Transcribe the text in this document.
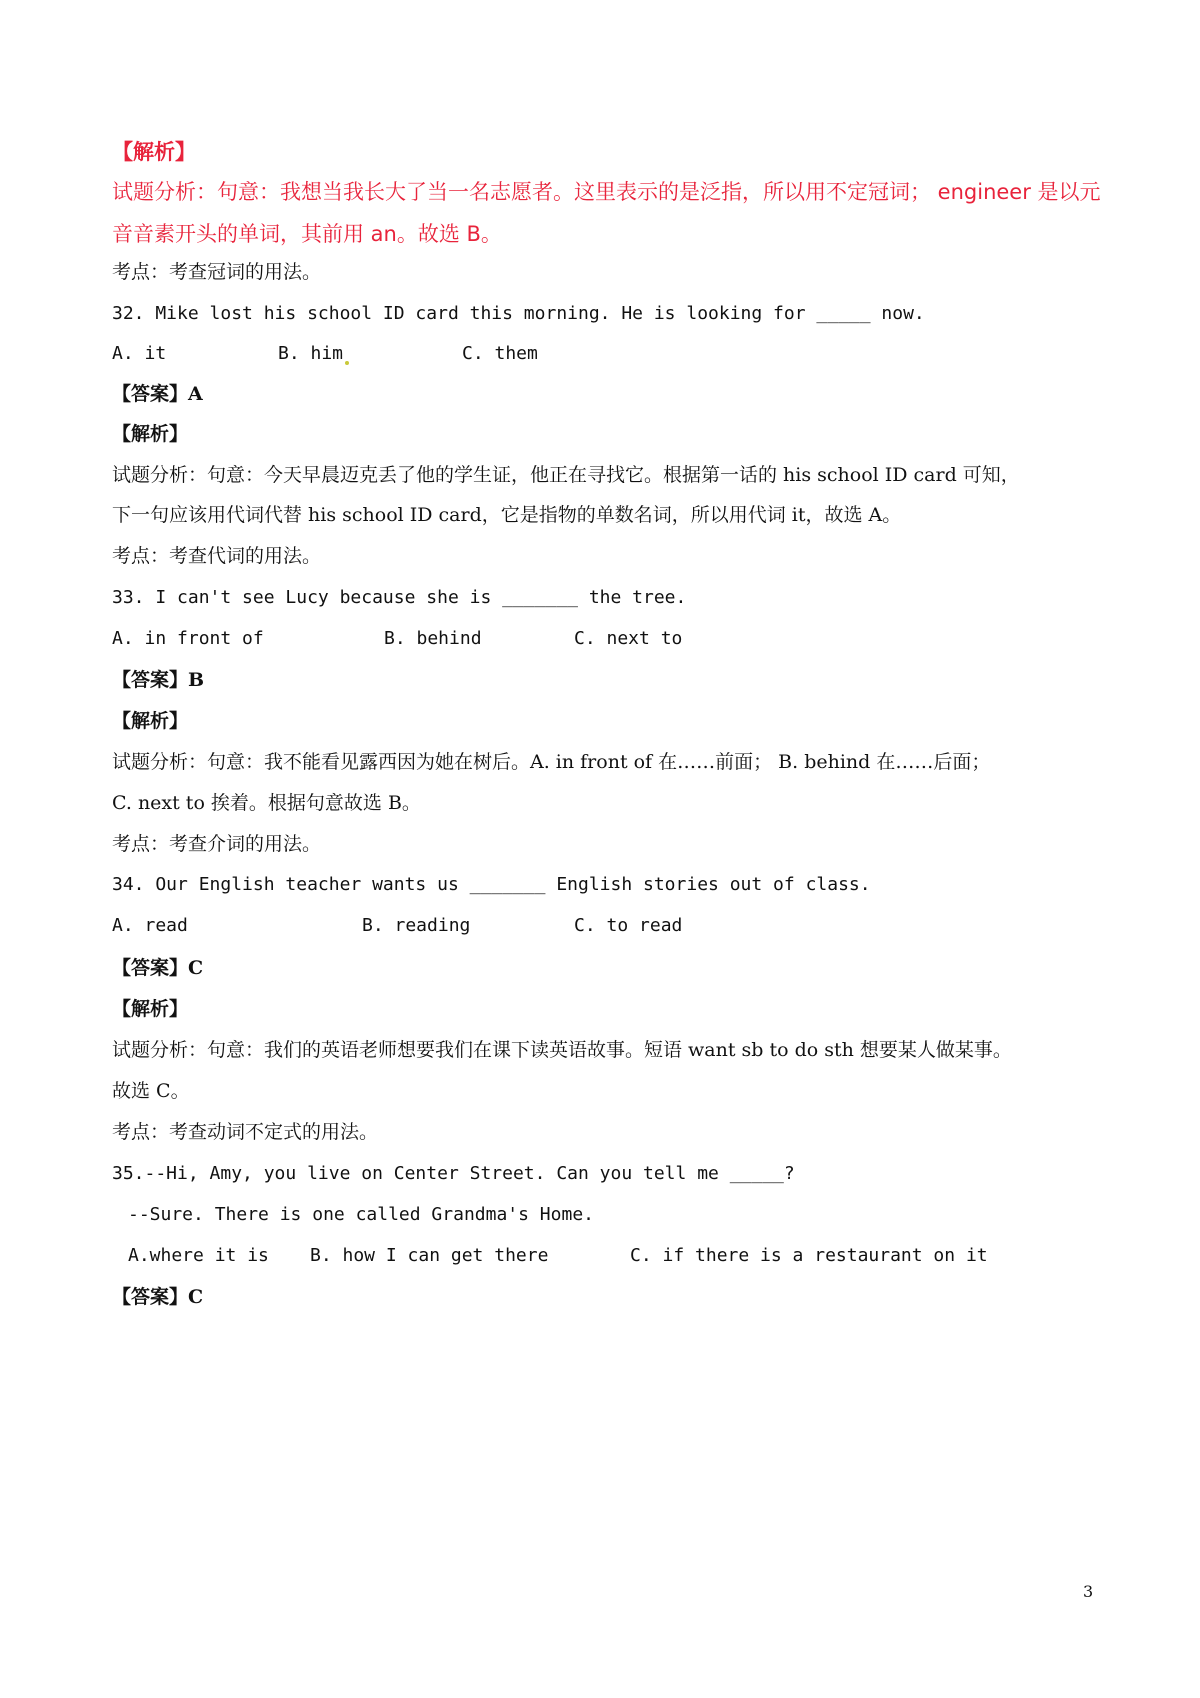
【解析】
试题分析：句意：我想当我长大了当一名志愿者。这里表示的是泛指，所以用不定冠词； engineer 是以元音音素开头的单词，其前用 an。故选 B。
考点：考查冠词的用法。
32. Mike lost his school ID card this morning. He is looking for _____ now.
A. it	B. him	C. them
【答案】A
【解析】
试题分析：句意：今天早晨迈克丢了他的学生证，他正在寻找它。根据第一话的 his school ID card 可知，
下一句应该用代词代替 his school ID card，它是指物的单数名词，所以用代词 it，故选 A。
考点：考查代词的用法。
33. I can't see Lucy because she is _______ the tree.
A. in front of	B. behind	C. next to
【答案】B
【解析】
试题分析：句意：我不能看见露西因为她在树后。A. in front of 在……前面； B. behind 在……后面；
C. next to 挨着。根据句意故选 B。
考点：考查介词的用法。
34. Our English teacher wants us _______ English stories out of class.
A. read	B. reading	C. to read
【答案】C
【解析】
试题分析：句意：我们的英语老师想要我们在课下读英语故事。短语 want sb to do sth 想要某人做某事。
故选 C。
考点：考查动词不定式的用法。
35.--Hi, Amy, you live on Center Street. Can you tell me _____?
--Sure. There is one called Grandma's Home.
A.where it is B. how I can get there	C. if there is a restaurant on it
【答案】C
3
